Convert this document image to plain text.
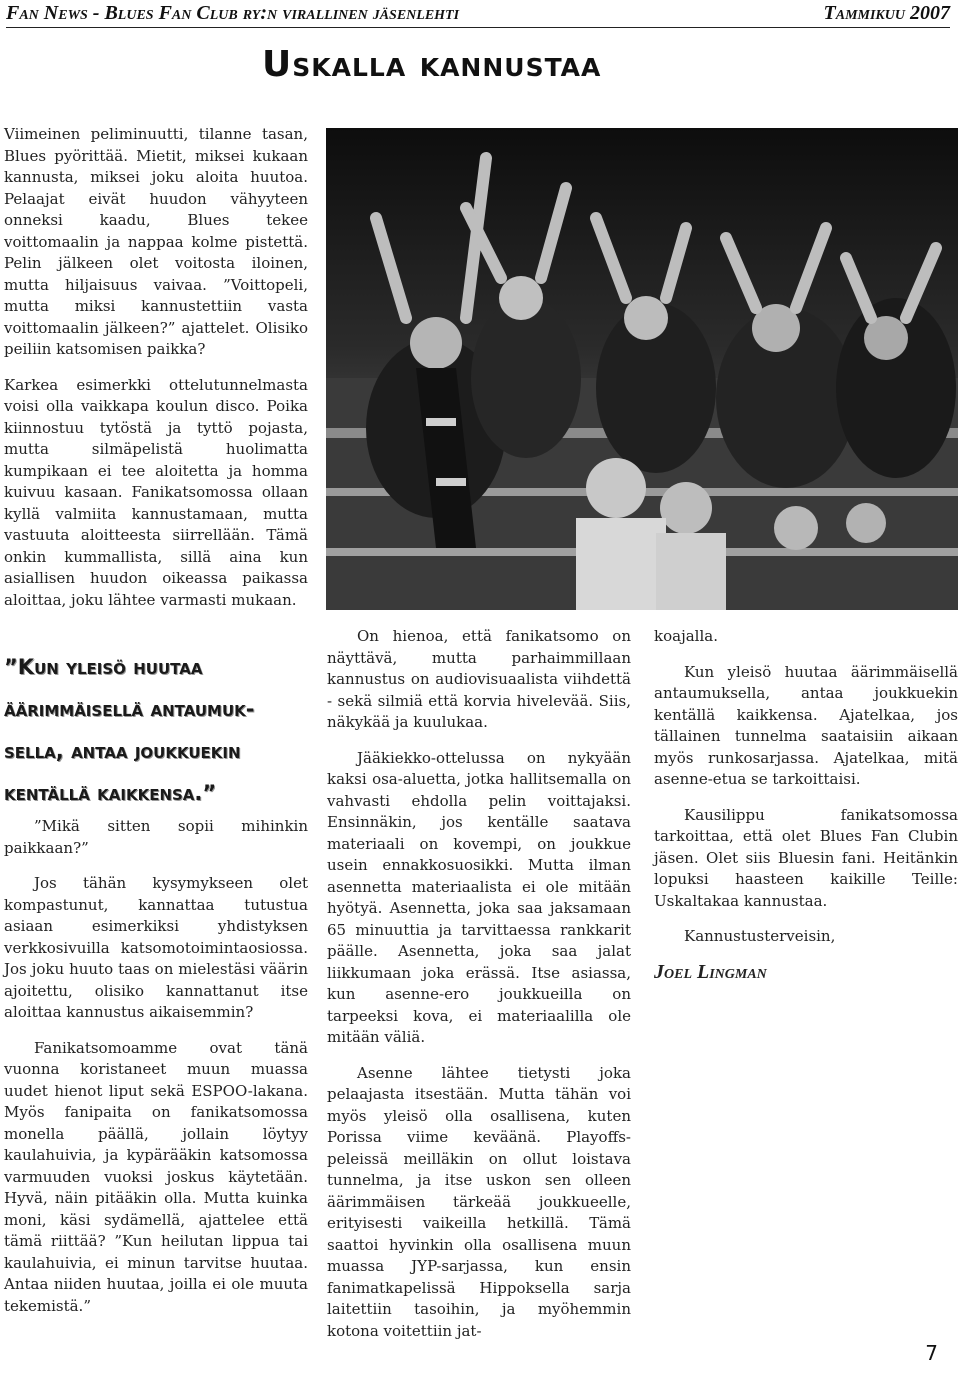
Fan News - Blues Fan Club ry:n virallinen jäsenlehti	Tammikuu 2007
Uskalla kannustaa

Viimeinen peliminuutti, tilanne tasan, Blues pyörittää. Mietit, miksei kukaan kannusta, miksei joku aloita huutoa. Pelaajat eivät huudon vähyyteen onneksi kaadu, Blues tekee voittomaalin ja nappaa kolme pistettä. Pelin jälkeen olet voitosta iloinen, mutta hiljaisuus vaivaa. ”Voittopeli, mutta miksi kannustettiin vasta voittomaalin jälkeen?” ajattelet. Olisiko peiliin katsomisen paikka?

Karkea esimerkki ottelutunnelmasta voisi olla vaikkapa koulun disco. Poika kiinnostuu tytöstä ja tyttö pojasta, mutta silmäpelistä huolimatta kumpikaan ei tee aloitetta ja homma kuivuu kasaan. Fanikatsomossa ollaan kyllä valmiita kannustamaan, mutta vastuuta aloitteesta siirrellään. Tämä onkin kummallista, sillä aina kun asiallisen huudon oikeassa paikassa aloittaa, joku lähtee varmasti mukaan.

”Kun yleisö huutaa
äärimmäisellä antaumuk-
sella, antaa joukkuekin
kentällä kaikkensa.”

”Mikä sitten sopii mihinkin paikkaan?”

Jos tähän kysymykseen olet kompastunut, kannattaa tutustua asiaan esimerkiksi yhdistyksen verkkosivuilla katsomotoimintaosiossa. Jos joku huuto taas on mielestäsi väärin ajoitettu, olisiko kannattanut itse aloittaa kannustus aikaisemmin?

Fanikatsomoamme ovat tänä vuonna koristaneet muun muassa uudet hienot liput sekä ESPOO-lakana. Myös fanipaita on fanikatsomossa monella päällä, jollain löytyy kaulahuivia, ja kypärääkin katsomossa varmuuden vuoksi joskus käytetään. Hyvä, näin pitääkin olla. Mutta kuinka moni, käsi sydämellä, ajattelee että tämä riittää? ”Kun heilutan lippua tai kaulahuivia, ei minun tarvitse huutaa. Antaa niiden huutaa, joilla ei ole muuta tekemistä.”

On hienoa, että fanikatsomo on näyttävä, mutta parhaimmillaan kannustus on audiovisuaalista viihdettä - sekä silmiä että korvia hivelevää. Siis, näkykää ja kuulukaa.

Jääkiekko-ottelussa on nykyään kaksi osa-aluetta, jotka hallitsemalla on vahvasti ehdolla pelin voittajaksi. Ensinnäkin, jos kentälle saatava materiaali on kovempi, on joukkue usein ennakkosuosikki. Mutta ilman asennetta materiaalista ei ole mitään hyötyä. Asennetta, joka saa jaksamaan 65 minuuttia ja tarvittaessa rankkarit päälle. Asennetta, joka saa jalat liikkumaan joka erässä. Itse asiassa, kun asenne-ero joukkueilla on tarpeeksi kova, ei materiaalilla ole mitään väliä.

Asenne lähtee tietysti joka pelaajasta itsestään. Mutta tähän voi myös yleisö olla osallisena, kuten Porissa viime keväänä. Playoffs-peleissä meilläkin on ollut loistava tunnelma, ja itse uskon sen olleen äärimmäisen tärkeää joukkueelle, erityisesti vaikeilla hetkillä. Tämä saattoi hyvinkin olla osallisena muun muassa JYP-sarjassa, kun ensin fanimatkapelissä Hippoksella sarja laitettiin tasoihin, ja myöhemmin kotona voitettiin jat-

koajalla.

Kun yleisö huutaa äärimmäisellä antaumuksella, antaa joukkuekin kentällä kaikkensa. Ajatelkaa, jos tällainen tunnelma saataisiin aikaan myös runkosarjassa. Ajatelkaa, mitä asenne-etua se tarkoittaisi.

Kausilippu fanikatsomossa tarkoittaa, että olet Blues Fan Clubin jäsen. Olet siis Bluesin fani. Heitänkin lopuksi haasteen kaikille Teille: Uskaltakaa kannustaa.

Kannustusterveisin,

Joel Lingman
7
